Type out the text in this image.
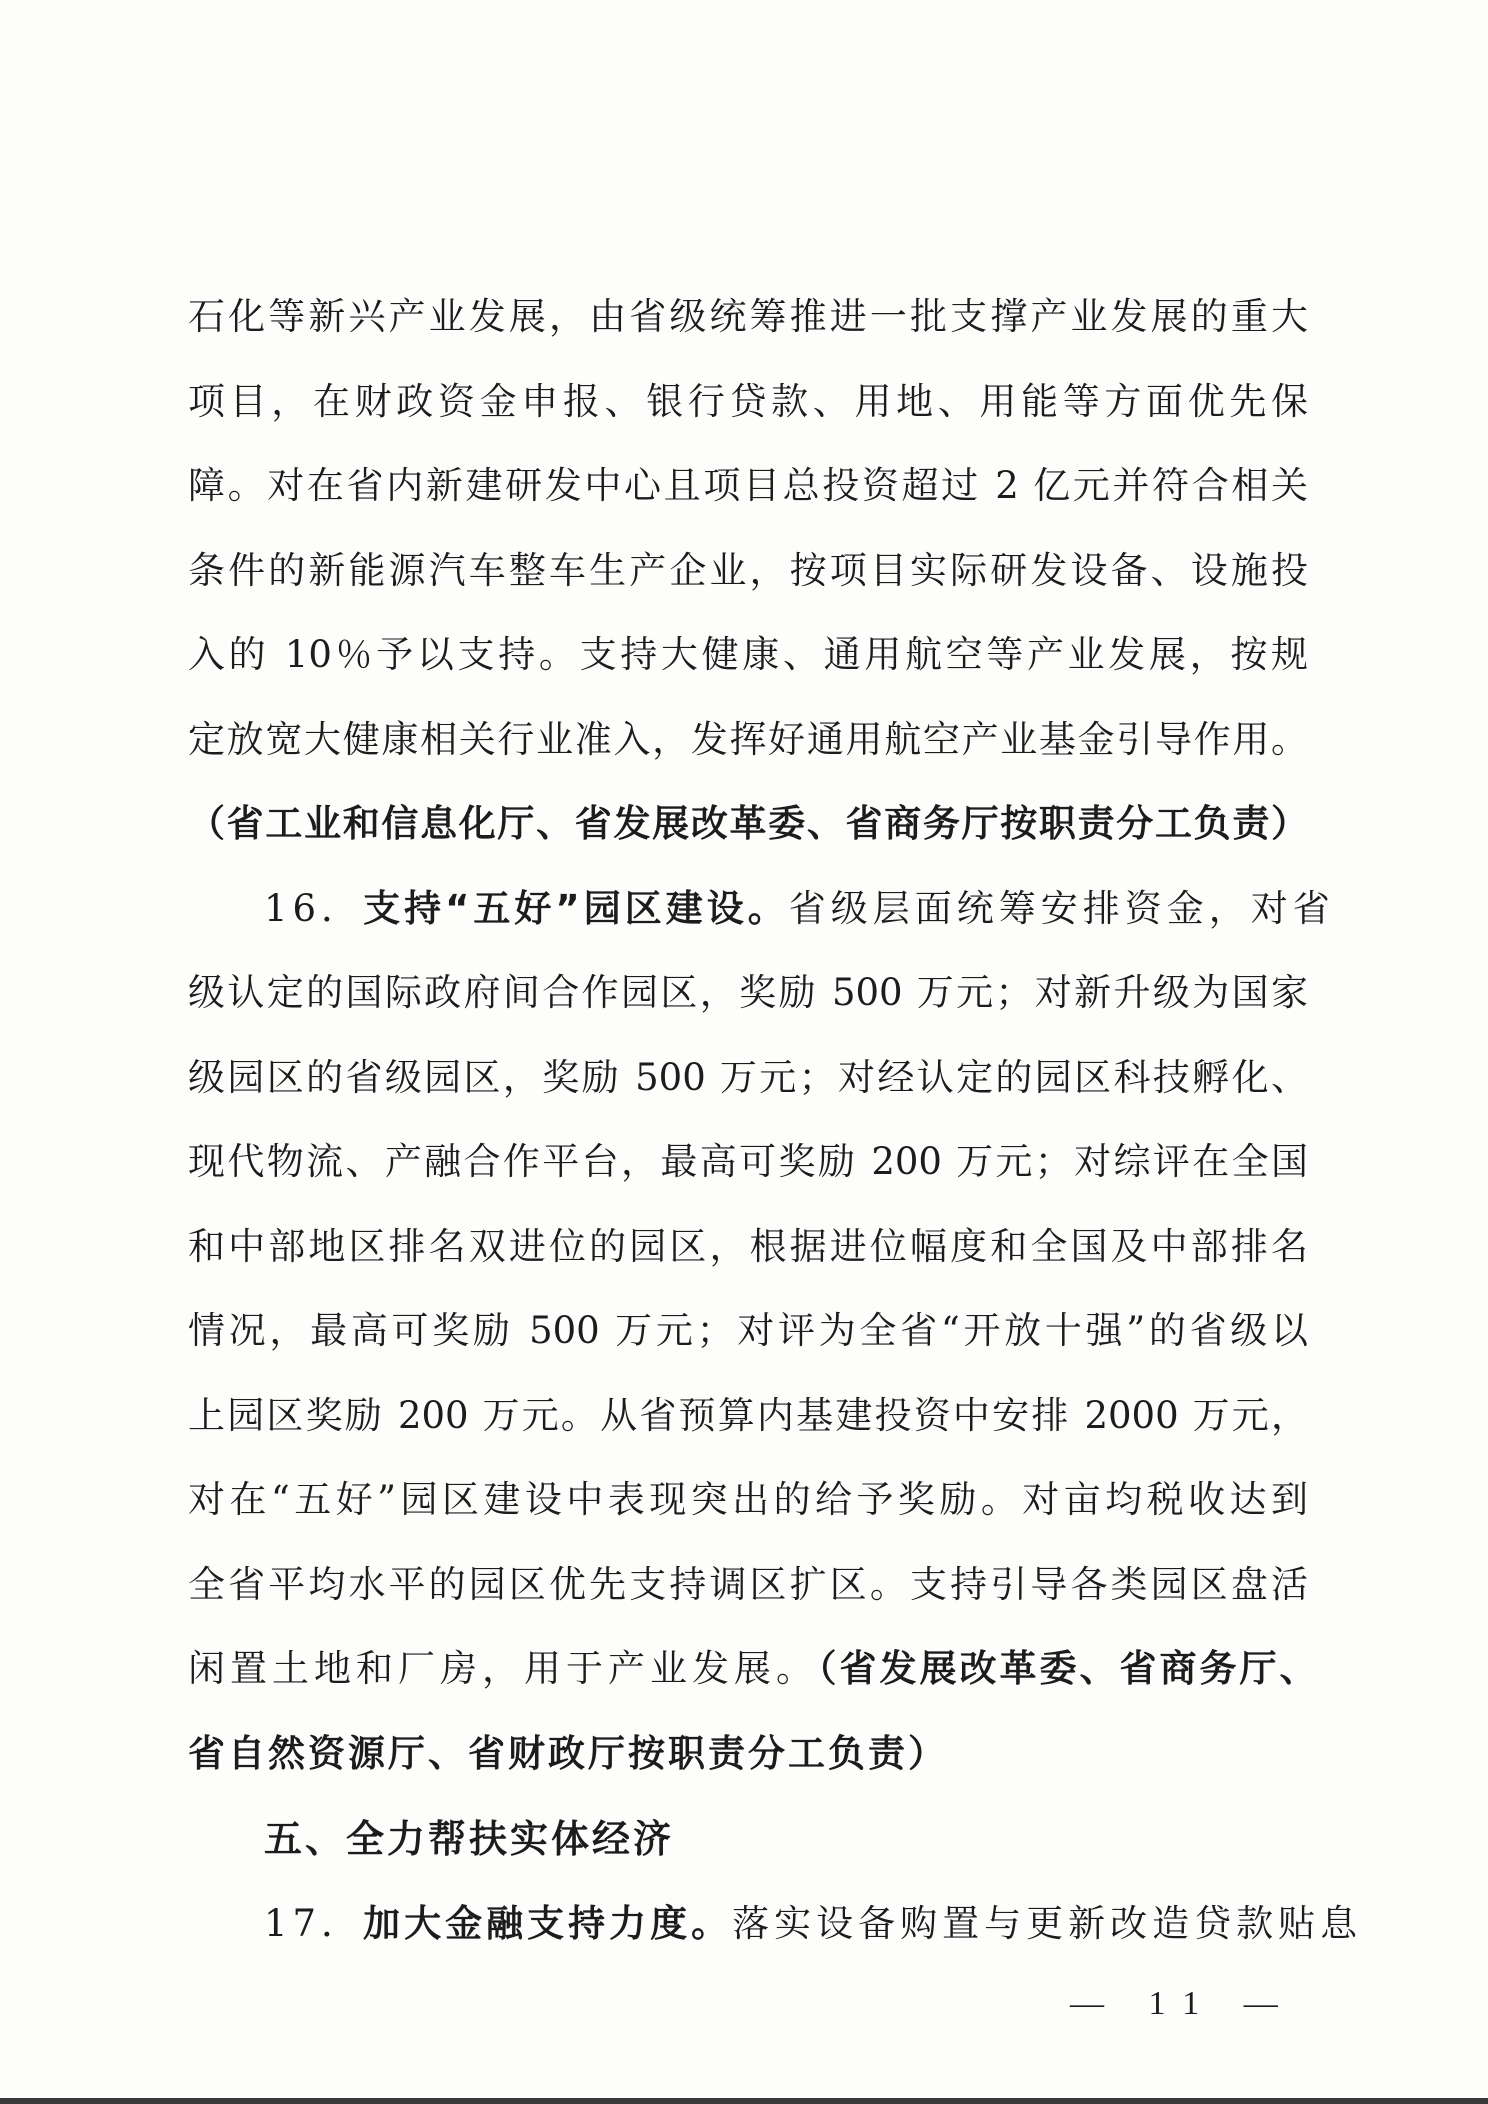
石化等新兴产业发展，由省级统筹推进一批支撑产业发展的重大
项目，在财政资金申报、银行贷款、用地、用能等方面优先保
障。对在省内新建研发中心且项目总投资超过 2 亿元并符合相关
条件的新能源汽车整车生产企业，按项目实际研发设备、设施投
入的 10％予以支持。支持大健康、通用航空等产业发展，按规
定放宽大健康相关行业准入，发挥好通用航空产业基金引导作用。
（省工业和信息化厅、省发展改革委、省商务厅按职责分工负责）
16．支持“五好”园区建设。省级层面统筹安排资金，对省
级认定的国际政府间合作园区，奖励 500 万元；对新升级为国家
级园区的省级园区，奖励 500 万元；对经认定的园区科技孵化、
现代物流、产融合作平台，最高可奖励 200 万元；对综评在全国
和中部地区排名双进位的园区，根据进位幅度和全国及中部排名
情况，最高可奖励 500 万元；对评为全省“开放十强”的省级以
上园区奖励 200 万元。从省预算内基建投资中安排 2000 万元，
对在“五好”园区建设中表现突出的给予奖励。对亩均税收达到
全省平均水平的园区优先支持调区扩区。支持引导各类园区盘活
闲置土地和厂房，用于产业发展。（省发展改革委、省商务厅、
省自然资源厅、省财政厅按职责分工负责）
五、全力帮扶实体经济
17．加大金融支持力度。落实设备购置与更新改造贷款贴息
— 11 —
